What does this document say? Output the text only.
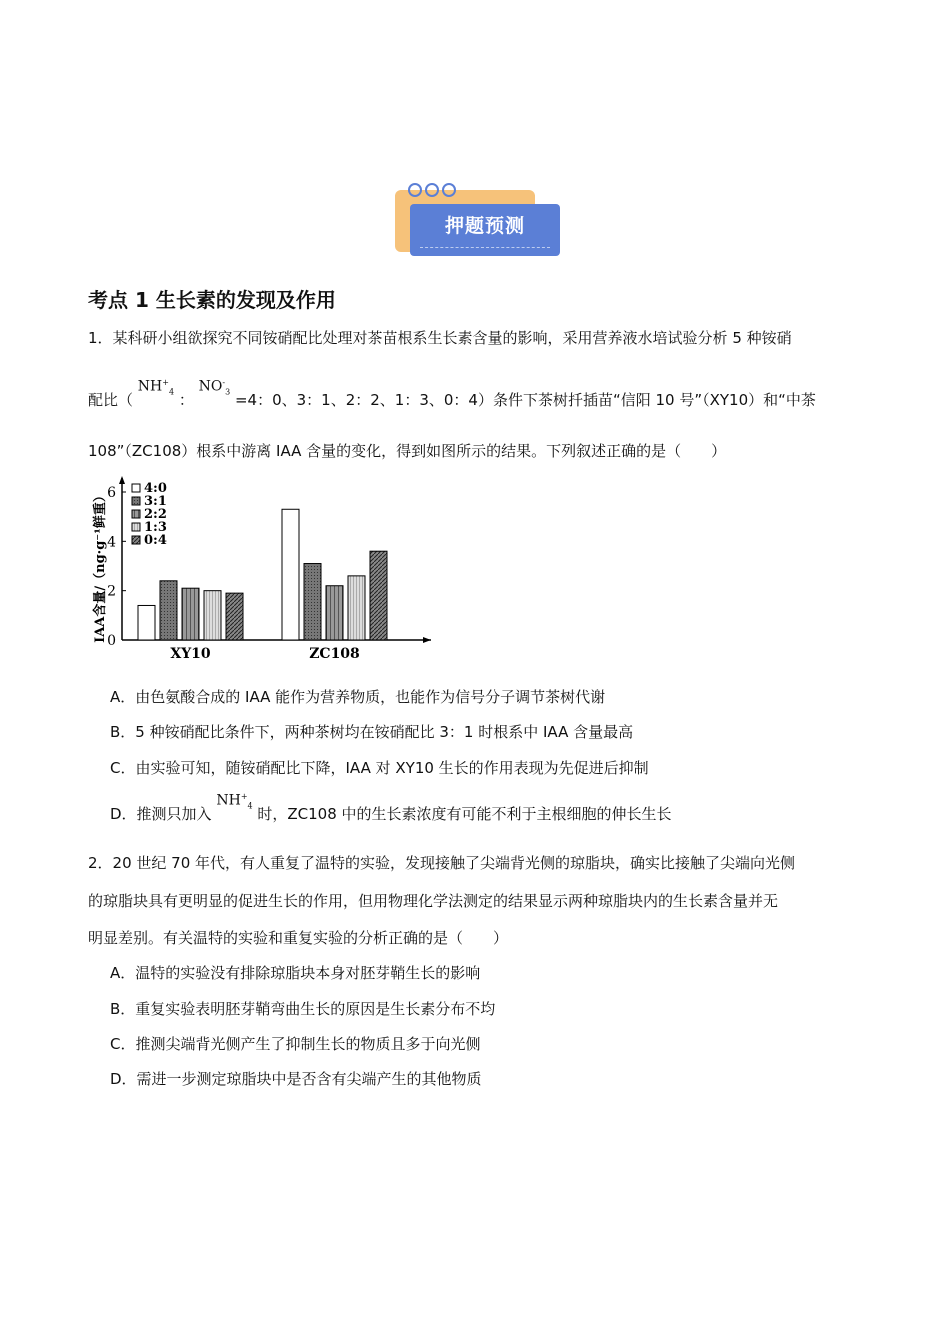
押题预测
考点 1 生长素的发现及作用

1．某科研小组欲探究不同铵硝配比处理对茶苗根系生长素含量的影响，采用营养液水培试验分析 5 种铵硝

配比（ $NH^+_4$ ： $NO^-_3 =4$：0、3：1、2：2、1：3、0：4）条件下茶树扦插苗“信阳 10 号”（XY10）和“中茶

108”（ZC108）根系中游离 IAA 含量的变化，得到如图所示的结果。下列叙述正确的是（　　）

0
2
4
6
IAA含量/（ng·g⁻¹鲜重）
XY10	ZC108
4:0
3:1
2:2
1:3
0:4

A．由色氨酸合成的 IAA 能作为营养物质，也能作为信号分子调节茶树代谢

B．5 种铵硝配比条件下，两种茶树均在铵硝配比 3：1 时根系中 IAA 含量最高

C．由实验可知，随铵硝配比下降，IAA 对 XY10 生长的作用表现为先促进后抑制

D．推测只加入 $NH^+_4$ 时，ZC108 中的生长素浓度有可能不利于主根细胞的伸长生长

2．20 世纪 70 年代，有人重复了温特的实验，发现接触了尖端背光侧的琼脂块，确实比接触了尖端向光侧

的琼脂块具有更明显的促进生长的作用，但用物理化学法测定的结果显示两种琼脂块内的生长素含量并无

明显差别。有关温特的实验和重复实验的分析正确的是（　　）

A．温特的实验没有排除琼脂块本身对胚芽鞘生长的影响

B．重复实验表明胚芽鞘弯曲生长的原因是生长素分布不均

C．推测尖端背光侧产生了抑制生长的物质且多于向光侧

D．需进一步测定琼脂块中是否含有尖端产生的其他物质
